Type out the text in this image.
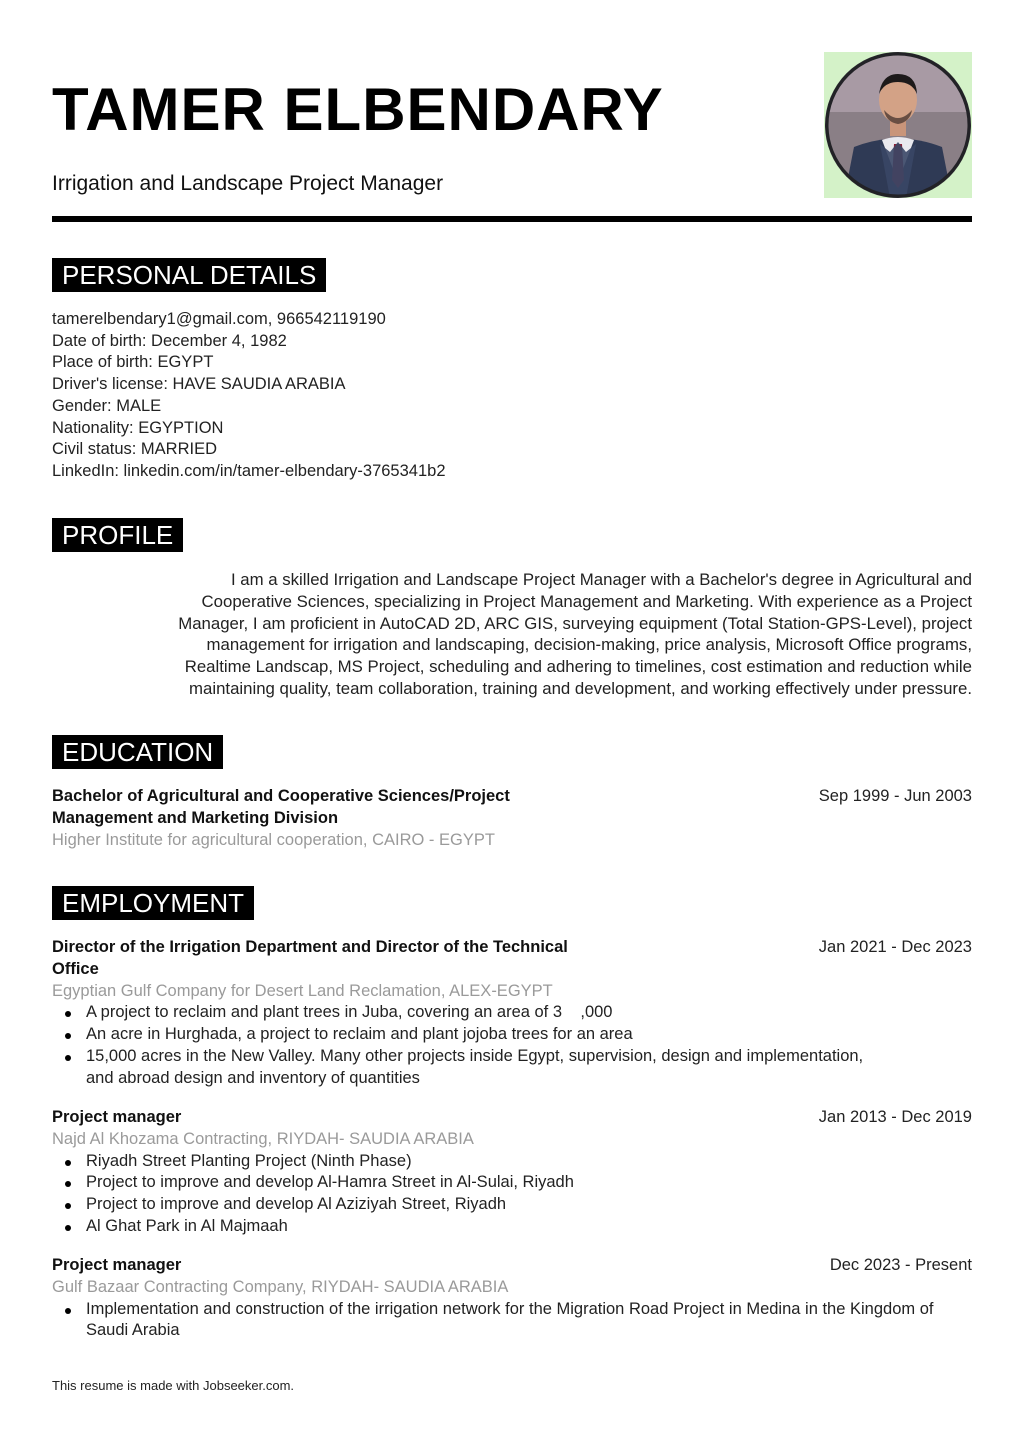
TAMER ELBENDARY
Irrigation and Landscape Project Manager
PERSONAL DETAILS
tamerelbendary1@gmail.com, 966542119190
Date of birth: December 4, 1982
Place of birth: EGYPT
Driver's license: HAVE SAUDIA ARABIA
Gender: MALE
Nationality: EGYPTION
Civil status: MARRIED
LinkedIn: linkedin.com/in/tamer-elbendary-3765341b2
PROFILE
I am a skilled Irrigation and Landscape Project Manager with a Bachelor's degree in Agricultural and
Cooperative Sciences, specializing in Project Management and Marketing. With experience as a Project
Manager, I am proficient in AutoCAD 2D, ARC GIS, surveying equipment (Total Station-GPS-Level), project
management for irrigation and landscaping, decision-making, price analysis, Microsoft Office programs,
Realtime Landscap, MS Project, scheduling and adhering to timelines, cost estimation and reduction while
maintaining quality, team collaboration, training and development, and working effectively under pressure.
EDUCATION
Bachelor of Agricultural and Cooperative Sciences/Project Management and Marketing Division
Sep 1999 - Jun 2003
Higher Institute for agricultural cooperation, CAIRO - EGYPT
EMPLOYMENT
Director of the Irrigation Department and Director of the Technical Office
Jan 2021 - Dec 2023
Egyptian Gulf Company for Desert Land Reclamation, ALEX-EGYPT
A project to reclaim and plant trees in Juba, covering an area of 3    ,000
An acre in Hurghada, a project to reclaim and plant jojoba trees for an area
15,000 acres in the New Valley. Many other projects inside Egypt, supervision, design and implementation, and abroad design and inventory of quantities
Project manager	Jan 2013 - Dec 2019
Najd Al Khozama Contracting, RIYDAH- SAUDIA ARABIA
Riyadh Street Planting Project (Ninth Phase)
Project to improve and develop Al-Hamra Street in Al-Sulai, Riyadh
Project to improve and develop Al Aziziyah Street, Riyadh
Al Ghat Park in Al Majmaah
Project manager	Dec 2023 - Present
Gulf Bazaar Contracting Company, RIYDAH- SAUDIA ARABIA
Implementation and construction of the irrigation network for the Migration Road Project in Medina in the Kingdom of Saudi Arabia
This resume is made with Jobseeker.com.
